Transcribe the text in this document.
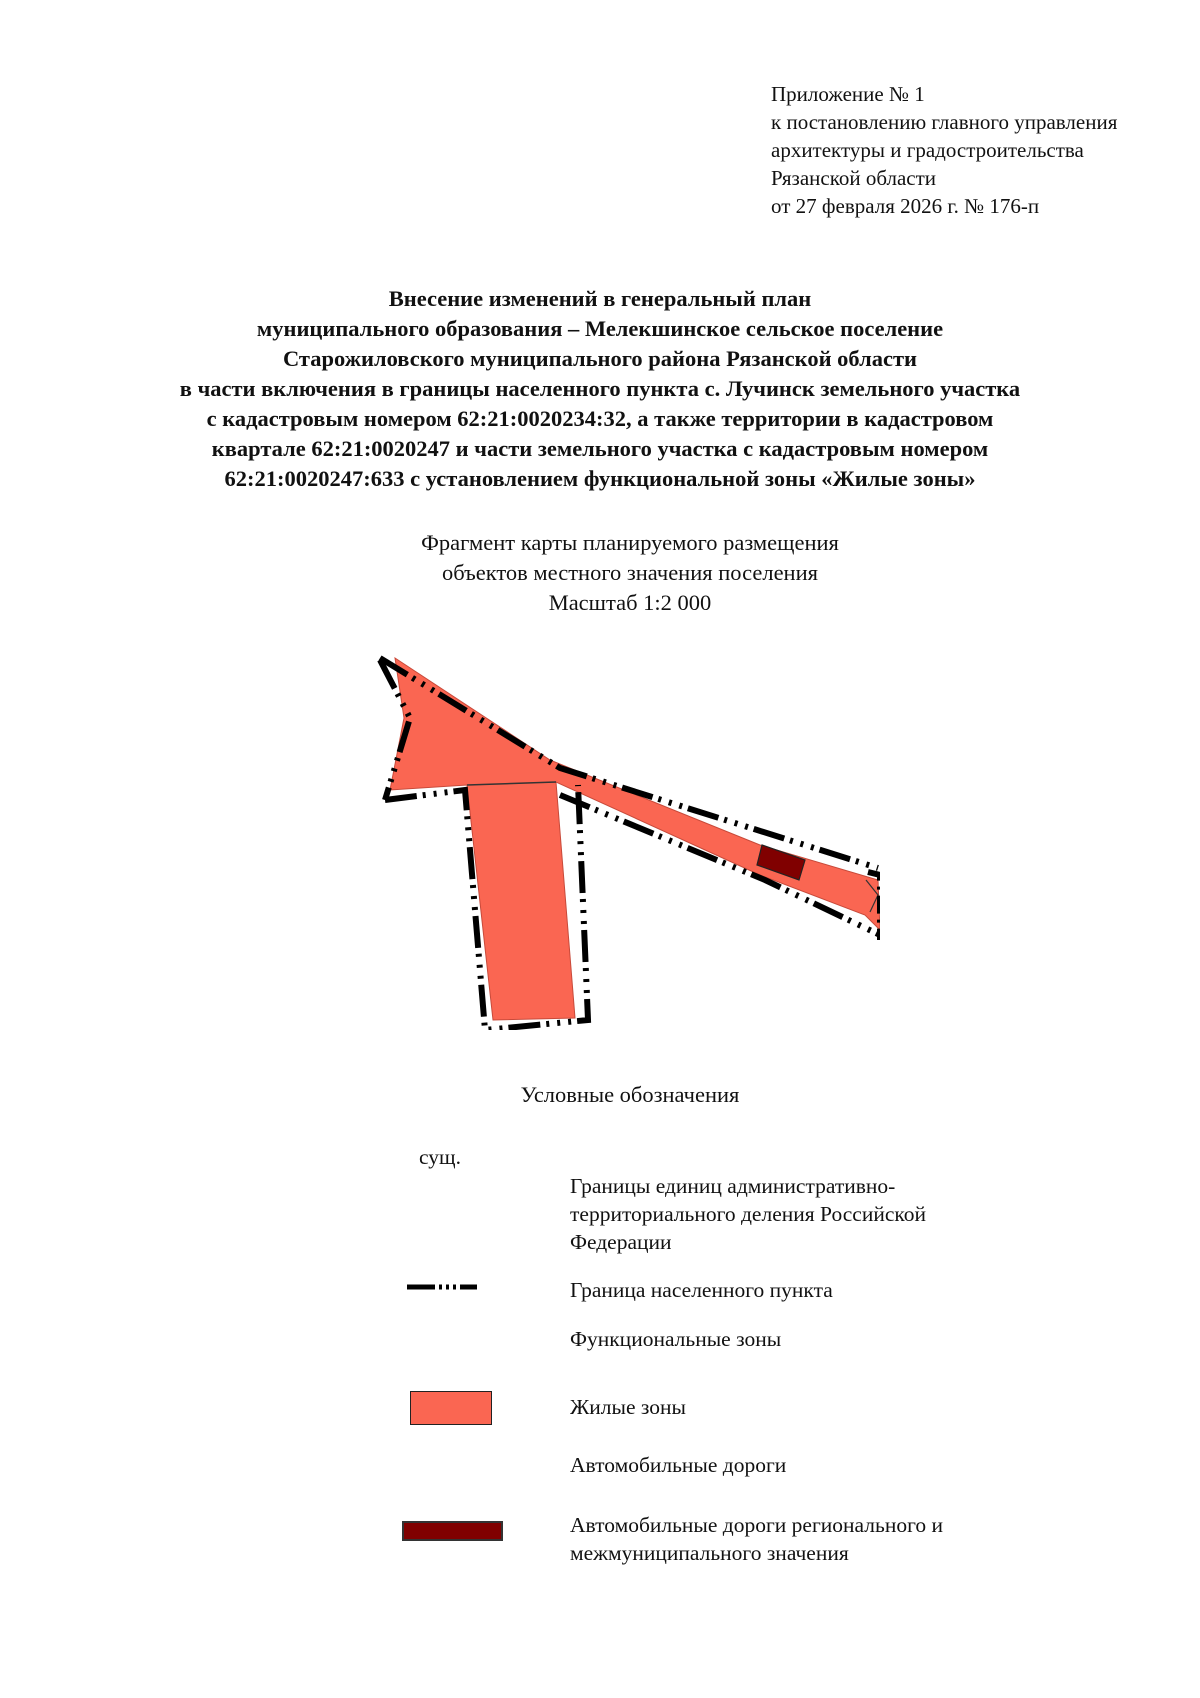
Приложение № 1
к постановлению главного управления
архитектуры и градостроительства
Рязанской области
от 27 февраля 2026 г. № 176-п
Внесение изменений в генеральный план
муниципального образования – Мелекшинское сельское поселение
Старожиловского муниципального района Рязанской области
в части включения в границы населенного пункта с. Лучинск земельного участка
с кадастровым номером 62:21:0020234:32, а также территории в кадастровом
квартале 62:21:0020247 и части земельного участка с кадастровым номером
62:21:0020247:633 с установлением функциональной зоны «Жилые зоны»
Фрагмент карты планируемого размещения
объектов местного значения поселения
Масштаб 1:2 000
Условные обозначения
сущ.
Границы единиц административно-территориального деления Российской Федерации
Граница населенного пункта
Функциональные зоны
Жилые зоны
Автомобильные дороги
Автомобильные дороги регионального и межмуниципального значения
